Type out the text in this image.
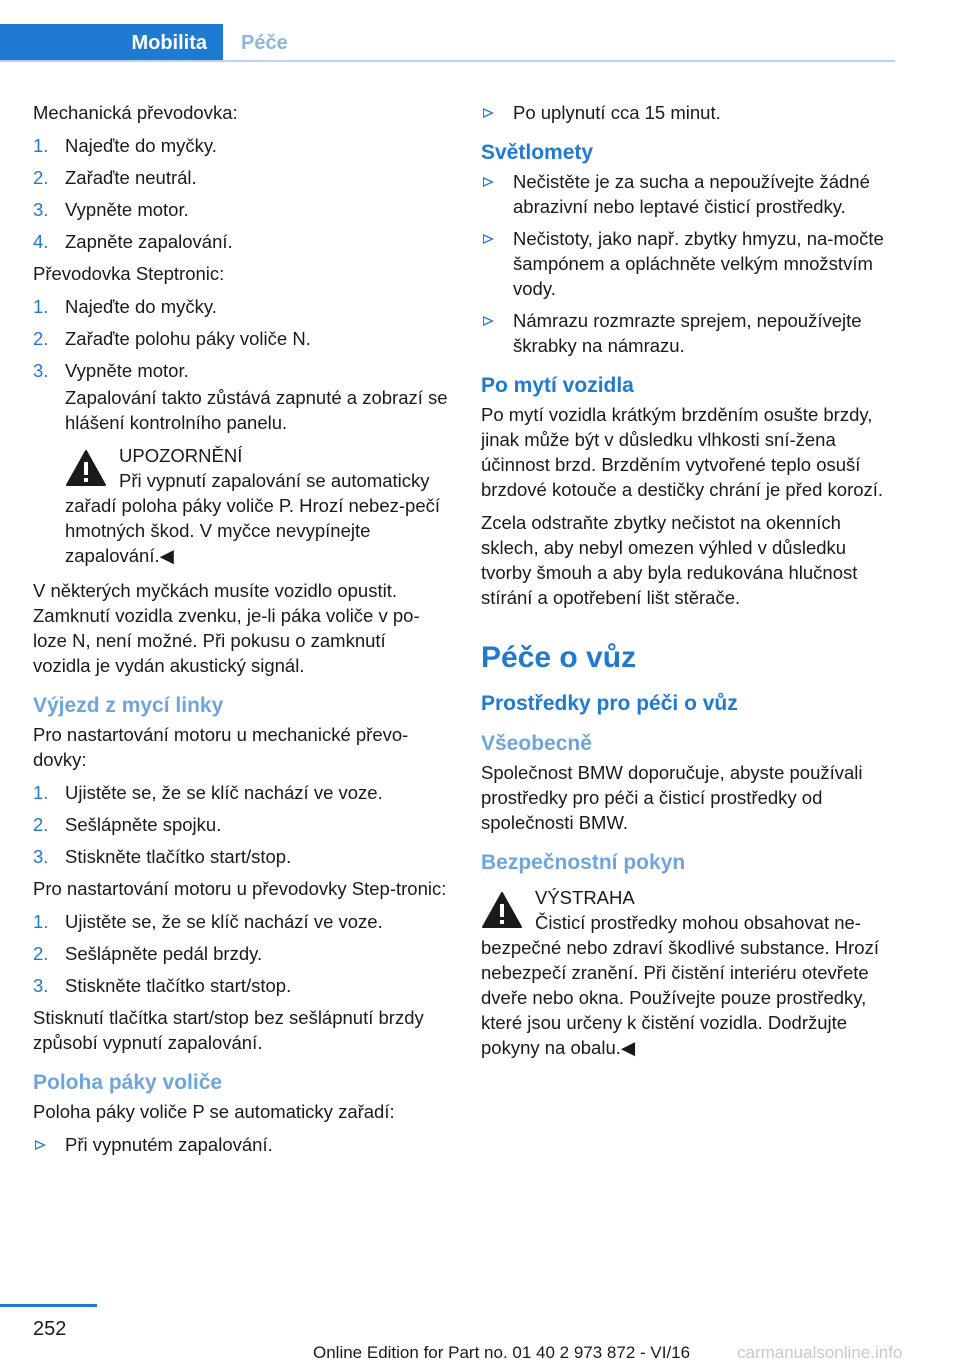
Mobilita	Péče

Mechanická převodovka:

1. Najeďte do myčky.
2. Zařaďte neutrál.
3. Vypněte motor.
4. Zapněte zapalování.

Převodovka Steptronic:

1. Najeďte do myčky.
2. Zařaďte polohu páky voliče N.
3. Vypněte motor.

Zapalování takto zůstává zapnuté a zobrazí se hlášení kontrolního panelu.

UPOZORNĚNÍ
Při vypnutí zapalování se automaticky
zařadí poloha páky voliče P. Hrozí nebez-pečí hmotných škod. V myčce nevypínejte zapalování.◀

V některých myčkách musíte vozidlo opustit. Zamknutí vozidla zvenku, je-li páka voliče v po-loze N, není možné. Při pokusu o zamknutí vozidla je vydán akustický signál.

Výjezd z mycí linky

Pro nastartování motoru u mechanické převo-dovky:

1. Ujistěte se, že se klíč nachází ve voze.
2. Sešlápněte spojku.
3. Stiskněte tlačítko start/stop.

Pro nastartování motoru u převodovky Step-tronic:

1. Ujistěte se, že se klíč nachází ve voze.
2. Sešlápněte pedál brzdy.
3. Stiskněte tlačítko start/stop.

Stisknutí tlačítka start/stop bez sešlápnutí brzdy způsobí vypnutí zapalování.

Poloha páky voliče

Poloha páky voliče P se automaticky zařadí:

Při vypnutém zapalování.
Po uplynutí cca 15 minut.
Světlomety
Nečistěte je za sucha a nepoužívejte žádné abrazivní nebo leptavé čisticí prostředky.
Nečistoty, jako např. zbytky hmyzu, na-močte šampónem a opláchněte velkým množstvím vody.
Námrazu rozmrazte sprejem, nepoužívejte škrabky na námrazu.
Po mytí vozidla

Po mytí vozidla krátkým brzděním osušte brzdy, jinak může být v důsledku vlhkosti sní-žena účinnost brzd. Brzděním vytvořené teplo osuší brzdové kotouče a destičky chrání je před korozí.

Zcela odstraňte zbytky nečistot na okenních sklech, aby nebyl omezen výhled v důsledku tvorby šmouh a aby byla redukována hlučnost stírání a opotřebení lišt stěrače.

Péče o vůz
Prostředky pro péči o vůz
Všeobecně

Společnost BMW doporučuje, abyste používali prostředky pro péči a čisticí prostředky od společnosti BMW.

Bezpečnostní pokyn
VÝSTRAHA
Čisticí prostředky mohou obsahovat ne-
bezpečné nebo zdraví škodlivé substance. Hrozí nebezpečí zranění. Při čistění interiéru otevřete dveře nebo okna. Používejte pouze prostředky, které jsou určeny k čistění vozidla. Dodržujte pokyny na obalu.◀
252
Online Edition for Part no. 01 40 2 973 872 - VI/16	carmanualsonline.info
